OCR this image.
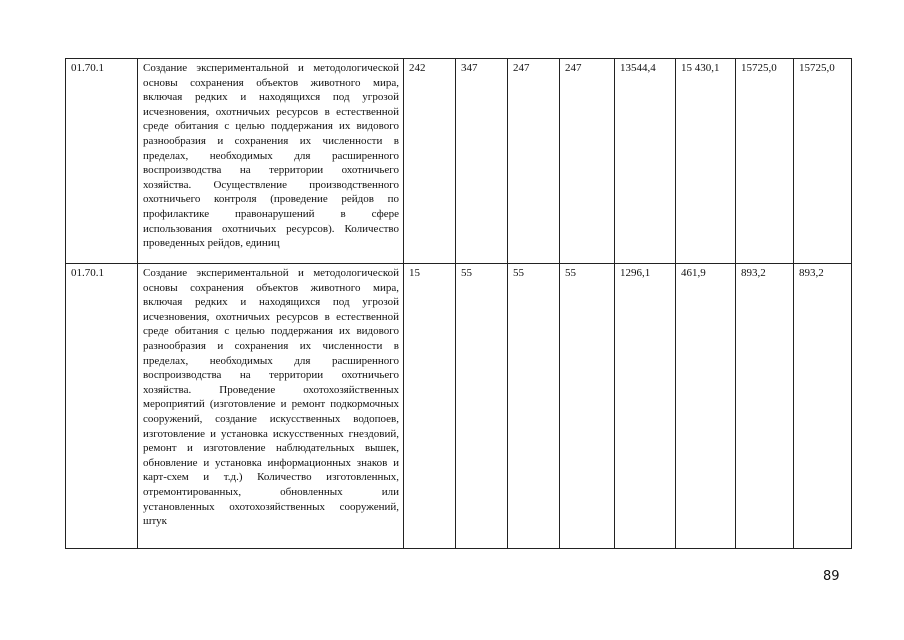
01.70.1	Создание экспериментальной и методологической основы сохранения объектов животного мира, включая редких и находящихся под угрозой исчезновения, охотничьих ресурсов в естественной среде обитания с целью поддержания их видового разнообразия и сохранения их численности в пределах, необходимых для расширенного воспроизводства на территории охотничьего хозяйства. Осуществление производственного охотничьего контроля (проведение рейдов по профилактике правонарушений в сфере использования охотничьих ресурсов). Количество проведенных рейдов, единиц	242	347	247	247	13544,4	15 430,1	15725,0	15725,0
01.70.1	Создание экспериментальной и методологической основы сохранения объектов животного мира, включая редких и находящихся под угрозой исчезновения, охотничьих ресурсов в естественной среде обитания с целью поддержания их видового разнообразия и сохранения их численности в пределах, необходимых для расширенного воспроизводства на территории охотничьего хозяйства. Проведение охотохозяйственных мероприятий (изготовление и ремонт подкормочных сооружений, создание искусственных водопоев, изготовление и установка искусственных гнездовий, ремонт и изготовление наблюдательных вышек, обновление и установка информационных знаков и карт-схем и т.д.) Количество изготовленных, отремонтированных, обновленных или установленных охотохозяйственных сооружений, штук	15	55	55	55	1296,1	461,9	893,2	893,2
89
